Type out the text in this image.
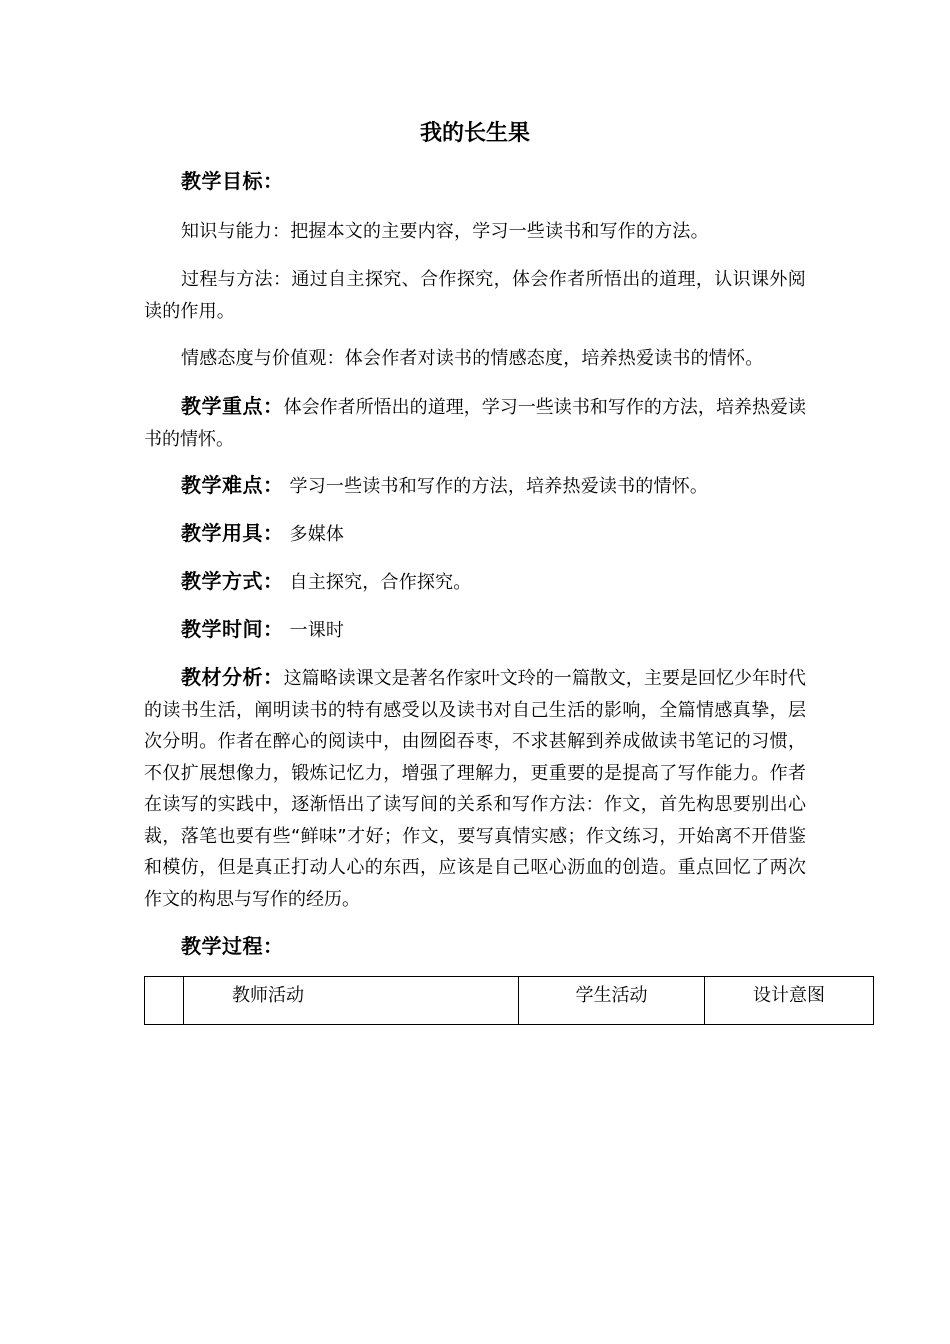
我的长生果

教学目标：

知识与能力：把握本文的主要内容，学习一些读书和写作的方法。

过程与方法：通过自主探究、合作探究，体会作者所悟出的道理，认识课外阅读的作用。

情感态度与价值观：体会作者对读书的情感态度，培养热爱读书的情怀。

教学重点：体会作者所悟出的道理，学习一些读书和写作的方法，培养热爱读书的情怀。

教学难点： 学习一些读书和写作的方法，培养热爱读书的情怀。

教学用具： 多媒体

教学方式： 自主探究，合作探究。

教学时间： 一课时

教材分析：这篇略读课文是著名作家叶文玲的一篇散文，主要是回忆少年时代的读书生活，阐明读书的特有感受以及读书对自己生活的影响，全篇情感真挚，层次分明。作者在醉心的阅读中，由囫囵吞枣，不求甚解到养成做读书笔记的习惯，不仅扩展想像力，锻炼记忆力，增强了理解力，更重要的是提高了写作能力。作者在读写的实践中，逐渐悟出了读写间的关系和写作方法：作文，首先构思要别出心裁，落笔也要有些“鲜味”才好；作文，要写真情实感；作文练习，开始离不开借鉴和模仿，但是真正打动人心的东西，应该是自己呕心沥血的创造。重点回忆了两次作文的构思与写作的经历。

教学过程：

	教师活动	学生活动	设计意图
